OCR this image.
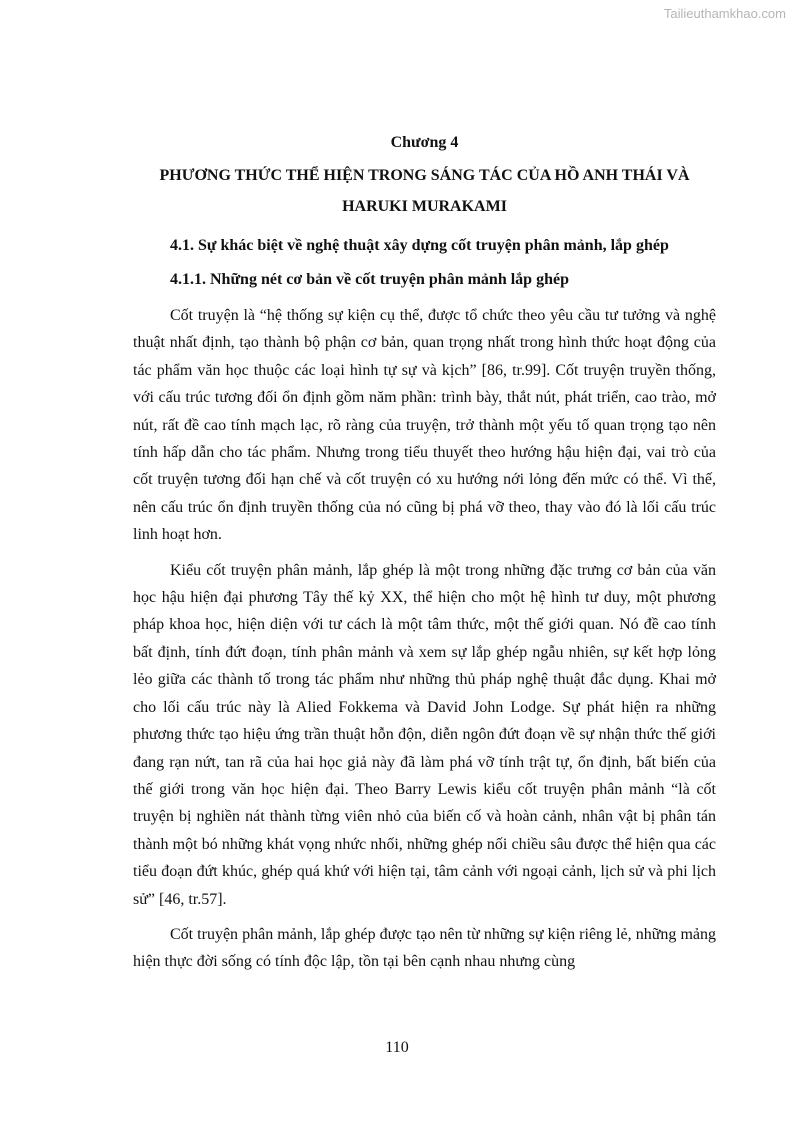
Tailieuthamkhao.com

Chương 4

PHƯƠNG THỨC THỂ HIỆN TRONG SÁNG TÁC CỦA HỒ ANH THÁI VÀ HARUKI MURAKAMI

4.1. Sự khác biệt về nghệ thuật xây dựng cốt truyện phân mảnh, lắp ghép

4.1.1. Những nét cơ bản về cốt truyện phân mảnh lắp ghép

Cốt truyện là “hệ thống sự kiện cụ thể, được tổ chức theo yêu cầu tư tưởng và nghệ thuật nhất định, tạo thành bộ phận cơ bản, quan trọng nhất trong hình thức hoạt động của tác phẩm văn học thuộc các loại hình tự sự và kịch” [86, tr.99]. Cốt truyện truyền thống, với cấu trúc tương đối ổn định gồm năm phần: trình bày, thắt nút, phát triển, cao trào, mở nút, rất đề cao tính mạch lạc, rõ ràng của truyện, trở thành một yếu tố quan trọng tạo nên tính hấp dẫn cho tác phẩm. Nhưng trong tiểu thuyết theo hướng hậu hiện đại, vai trò của cốt truyện tương đối hạn chế và cốt truyện có xu hướng nới lỏng đến mức có thể. Vì thế, nên cấu trúc ổn định truyền thống của nó cũng bị phá vỡ theo, thay vào đó là lối cấu trúc linh hoạt hơn.

Kiểu cốt truyện phân mảnh, lắp ghép là một trong những đặc trưng cơ bản của văn học hậu hiện đại phương Tây thế kỷ XX, thể hiện cho một hệ hình tư duy, một phương pháp khoa học, hiện diện với tư cách là một tâm thức, một thế giới quan. Nó đề cao tính bất định, tính đứt đoạn, tính phân mảnh và xem sự lắp ghép ngẫu nhiên, sự kết hợp lỏng lẻo giữa các thành tố trong tác phẩm như những thủ pháp nghệ thuật đắc dụng. Khai mở cho lối cấu trúc này là Alied Fokkema và David John Lodge. Sự phát hiện ra những phương thức tạo hiệu ứng trần thuật hỗn độn, diễn ngôn đứt đoạn về sự nhận thức thế giới đang rạn nứt, tan rã của hai học giả này đã làm phá vỡ tính trật tự, ổn định, bất biến của thế giới trong văn học hiện đại. Theo Barry Lewis kiểu cốt truyện phân mảnh “là cốt truyện bị nghiền nát thành từng viên nhỏ của biến cố và hoàn cảnh, nhân vật bị phân tán thành một bó những khát vọng nhức nhối, những ghép nối chiều sâu được thể hiện qua các tiểu đoạn đứt khúc, ghép quá khứ với hiện tại, tâm cảnh với ngoại cảnh, lịch sử và phi lịch sử” [46, tr.57].

Cốt truyện phân mảnh, lắp ghép được tạo nên từ những sự kiện riêng lẻ, những mảng hiện thực đời sống có tính độc lập, tồn tại bên cạnh nhau nhưng cùng

110
